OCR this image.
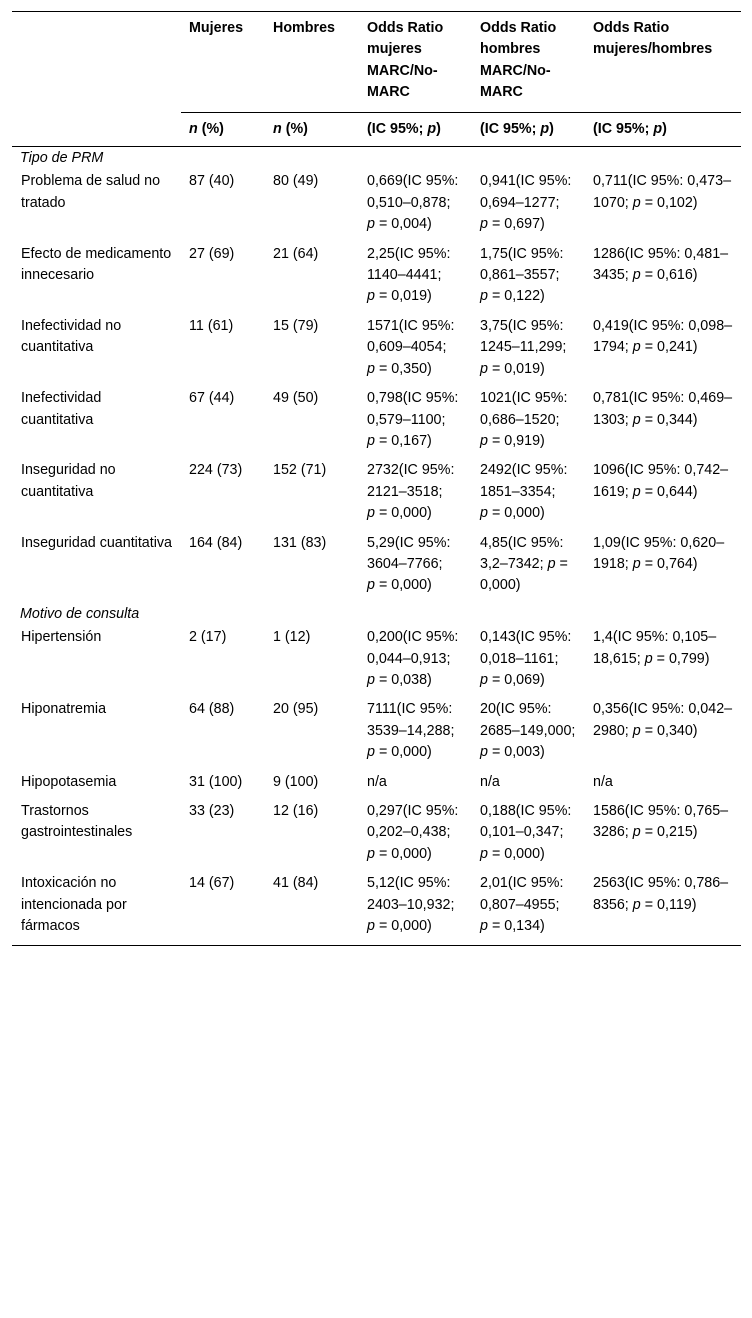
	Mujeres	Hombres	Odds Ratio mujeres MARC/No-MARC	Odds Ratio hombres MARC/No-MARC	Odds Ratio mujeres/hombres
	n (%)	n (%)	(IC 95%; p)	(IC 95%; p)	(IC 95%; p)
Tipo de PRM					
Problema de salud no tratado	87 (40)	80 (49)	0,669(IC 95%: 0,510–0,878; p = 0,004)	0,941(IC 95%: 0,694–1277; p = 0,697)	0,711(IC 95%: 0,473–1070; p = 0,102)
Efecto de medicamento innecesario	27 (69)	21 (64)	2,25(IC 95%: 1140–4441; p = 0,019)	1,75(IC 95%: 0,861–3557; p = 0,122)	1286(IC 95%: 0,481–3435; p = 0,616)
Inefectividad no cuantitativa	11 (61)	15 (79)	1571(IC 95%: 0,609–4054; p = 0,350)	3,75(IC 95%: 1245–11,299; p = 0,019)	0,419(IC 95%: 0,098–1794; p = 0,241)
Inefectividad cuantitativa	67 (44)	49 (50)	0,798(IC 95%: 0,579–1100; p = 0,167)	1021(IC 95%: 0,686–1520; p = 0,919)	0,781(IC 95%: 0,469–1303; p = 0,344)
Inseguridad no cuantitativa	224 (73)	152 (71)	2732(IC 95%: 2121–3518; p = 0,000)	2492(IC 95%: 1851–3354; p = 0,000)	1096(IC 95%: 0,742–1619; p = 0,644)
Inseguridad cuantitativa	164 (84)	131 (83)	5,29(IC 95%: 3604–7766; p = 0,000)	4,85(IC 95%: 3,2–7342; p = 0,000)	1,09(IC 95%: 0,620–1918; p = 0,764)
Motivo de consulta					
Hipertensión	2 (17)	1 (12)	0,200(IC 95%: 0,044–0,913; p = 0,038)	0,143(IC 95%: 0,018–1161; p = 0,069)	1,4(IC 95%: 0,105–18,615; p = 0,799)
Hiponatremia	64 (88)	20 (95)	7111(IC 95%: 3539–14,288; p = 0,000)	20(IC 95%: 2685–149,000; p = 0,003)	0,356(IC 95%: 0,042–2980; p = 0,340)
Hipopotasemia	31 (100)	9 (100)	n/a	n/a	n/a
Trastornos gastrointestinales	33 (23)	12 (16)	0,297(IC 95%: 0,202–0,438; p = 0,000)	0,188(IC 95%: 0,101–0,347; p = 0,000)	1586(IC 95%: 0,765–3286; p = 0,215)
Intoxicación no intencionada por fármacos	14 (67)	41 (84)	5,12(IC 95%: 2403–10,932; p = 0,000)	2,01(IC 95%: 0,807–4955; p = 0,134)	2563(IC 95%: 0,786–8356; p = 0,119)
